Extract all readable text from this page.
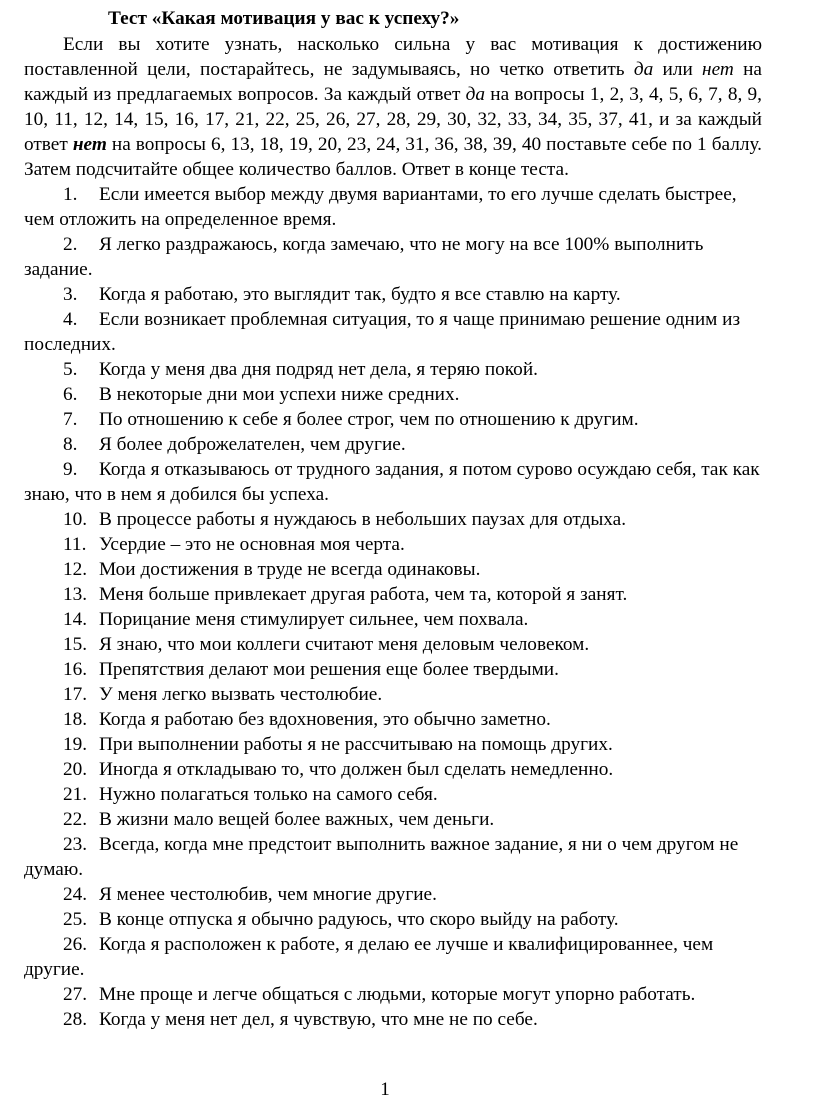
Тест «Какая мотивация у вас к успеху?»

Если вы хотите узнать, насколько сильна у вас мотивация к достижению поставленной цели, постарайтесь, не задумываясь, но четко ответить да или нет на каждый из предлагаемых вопросов. За каждый ответ да на вопросы 1, 2, 3, 4, 5, 6, 7, 8, 9, 10, 11, 12, 14, 15, 16, 17, 21, 22, 25, 26, 27, 28, 29, 30, 32, 33, 34, 35, 37, 41, и за каждый ответ нет на вопросы 6, 13, 18, 19, 20, 23, 24, 31, 36, 38, 39, 40 поставьте себе по 1 баллу. Затем подсчитайте общее количество баллов. Ответ в конце теста.

1. Если имеется выбор между двумя вариантами, то его лучше сделать быстрее, чем отложить на определенное время.
2. Я легко раздражаюсь, когда замечаю, что не могу на все 100% выполнить задание.
3. Когда я работаю, это выглядит так, будто я все ставлю на карту.
4. Если возникает проблемная ситуация, то я чаще принимаю решение одним из последних.
5. Когда у меня два дня подряд нет дела, я теряю покой.
6. В некоторые дни мои успехи ниже средних.
7. По отношению к себе я более строг, чем по отношению к другим.
8. Я более доброжелателен, чем другие.
9. Когда я отказываюсь от трудного задания, я потом сурово осуждаю себя, так как знаю, что в нем я добился бы успеха.
10. В процессе работы я нуждаюсь в небольших паузах для отдыха.
11. Усердие – это не основная моя черта.
12. Мои достижения в труде не всегда одинаковы.
13. Меня больше привлекает другая работа, чем та, которой я занят.
14. Порицание меня стимулирует сильнее, чем похвала.
15. Я знаю, что мои коллеги считают меня деловым человеком.
16. Препятствия делают мои решения еще более твердыми.
17. У меня легко вызвать честолюбие.
18. Когда я работаю без вдохновения, это обычно заметно.
19. При выполнении работы я не рассчитываю на помощь других.
20. Иногда я откладываю то, что должен был сделать немедленно.
21. Нужно полагаться только на самого себя.
22. В жизни мало вещей более важных, чем деньги.
23. Всегда, когда мне предстоит выполнить важное задание, я ни о чем другом не думаю.
24. Я менее честолюбив, чем многие другие.
25. В конце отпуска я обычно радуюсь, что скоро выйду на работу.
26. Когда я расположен к работе, я делаю ее лучше и квалифицированнее, чем другие.
27. Мне проще и легче общаться с людьми, которые могут упорно работать.
28. Когда у меня нет дел, я чувствую, что мне не по себе.
1
